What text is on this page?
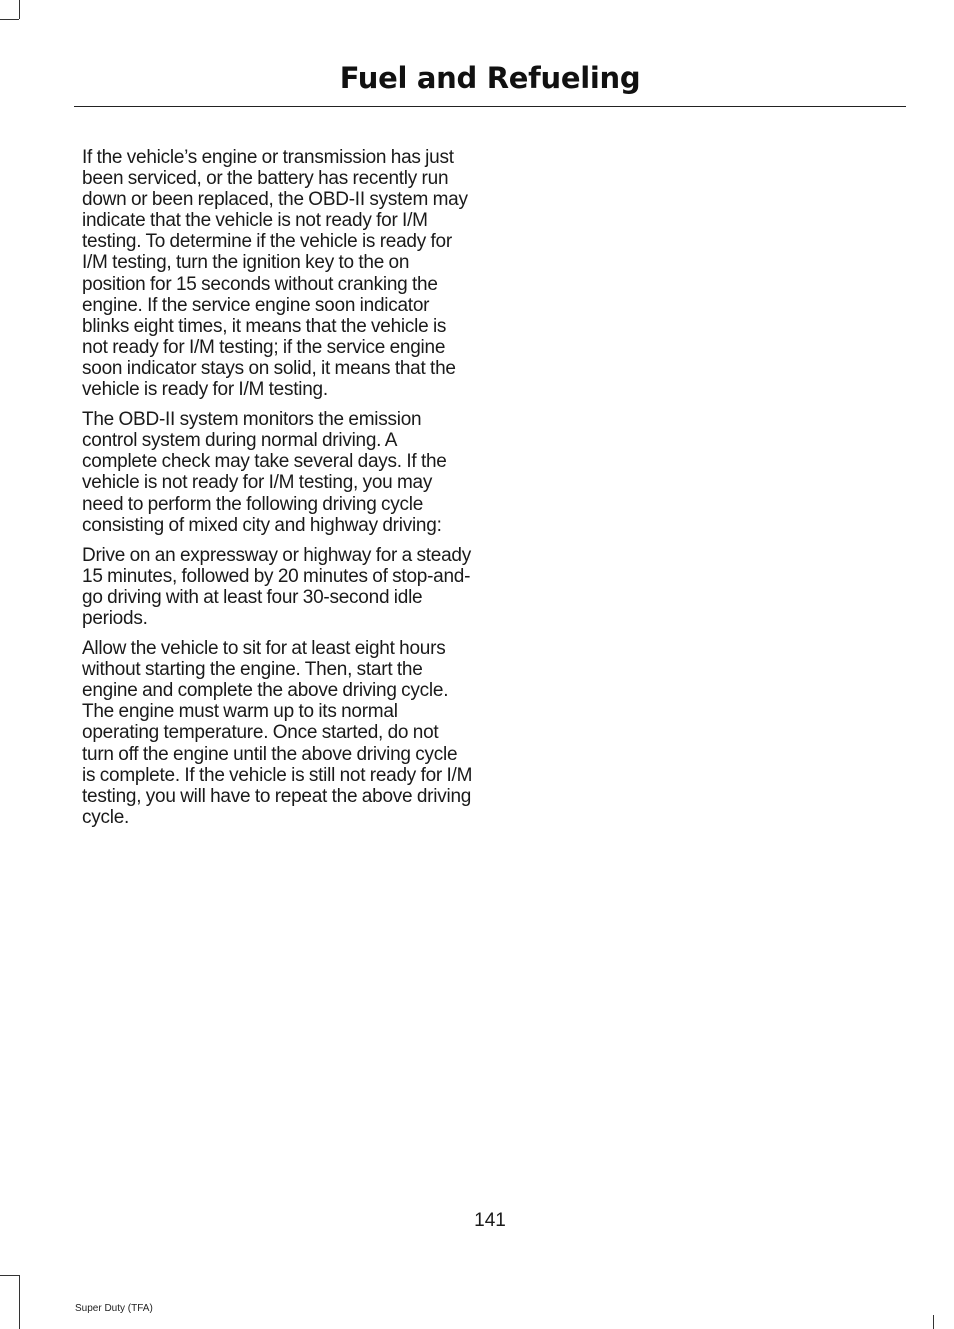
Fuel and Refueling

If the vehicle’s engine or transmission has just been serviced, or the battery has recently run down or been replaced, the OBD-II system may indicate that the vehicle is not ready for I/M testing. To determine if the vehicle is ready for I/M testing, turn the ignition key to the on position for 15 seconds without cranking the engine. If the service engine soon indicator blinks eight times, it means that the vehicle is not ready for I/M testing; if the service engine soon indicator stays on solid, it means that the vehicle is ready for I/M testing.

The OBD-II system monitors the emission control system during normal driving. A complete check may take several days. If the vehicle is not ready for I/M testing, you may need to perform the following driving cycle consisting of mixed city and highway driving:

Drive on an expressway or highway for a steady 15 minutes, followed by 20 minutes of stop-and-go driving with at least four 30-second idle periods.

Allow the vehicle to sit for at least eight hours without starting the engine. Then, start the engine and complete the above driving cycle. The engine must warm up to its normal operating temperature. Once started, do not turn off the engine until the above driving cycle is complete. If the vehicle is still not ready for I/M testing, you will have to repeat the above driving cycle.

141
Super Duty (TFA)
